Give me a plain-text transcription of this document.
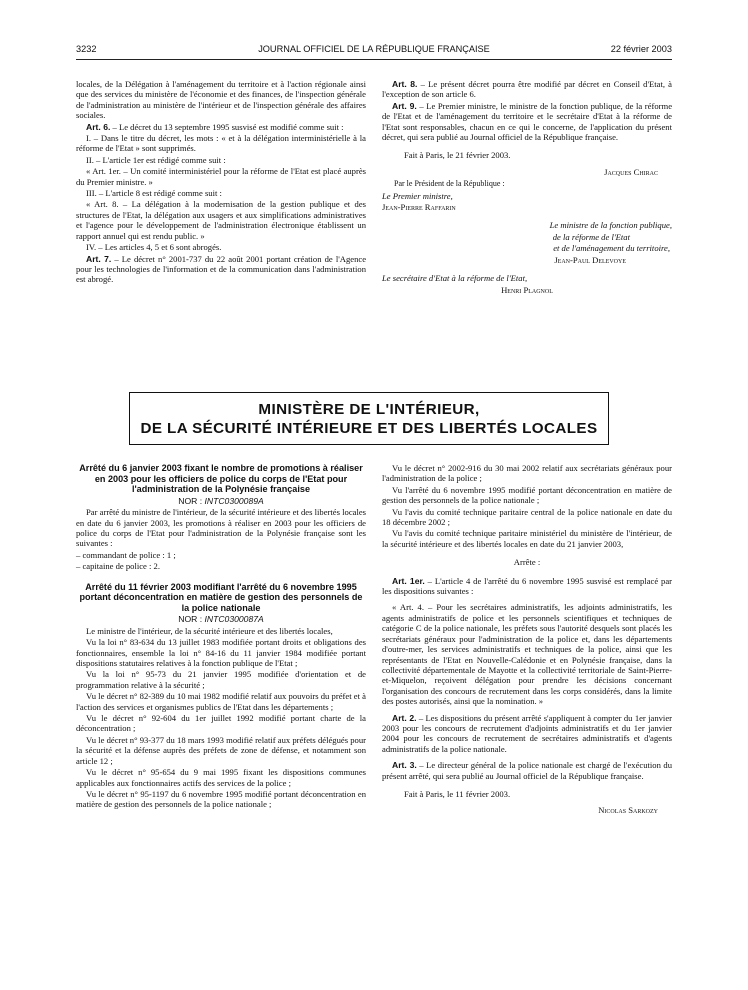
3232	JOURNAL OFFICIEL DE LA RÉPUBLIQUE FRANÇAISE	22 février 2003

locales, de la Délégation à l'aménagement du territoire et à l'action régionale ainsi que des services du ministère de l'économie et des finances, de l'inspection générale de l'administration au ministère de l'intérieur et de l'inspection générale des affaires sociales.

Art. 6. – Le décret du 13 septembre 1995 susvisé est modifié comme suit :

I. – Dans le titre du décret, les mots : « et à la délégation interministérielle à la réforme de l'Etat » sont supprimés.

II. – L'article 1er est rédigé comme suit :

« Art. 1er. – Un comité interministériel pour la réforme de l'Etat est placé auprès du Premier ministre. »

III. – L'article 8 est rédigé comme suit :

« Art. 8. – La délégation à la modernisation de la gestion publique et des structures de l'Etat, la délégation aux usagers et aux simplifications administratives et l'agence pour le développement de l'administration électronique établissent un rapport annuel qui est rendu public. »

IV. – Les articles 4, 5 et 6 sont abrogés.

Art. 7. – Le décret n° 2001-737 du 22 août 2001 portant création de l'Agence pour les technologies de l'information et de la communication dans l'administration est abrogé.

Art. 8. – Le présent décret pourra être modifié par décret en Conseil d'Etat, à l'exception de son article 6.

Art. 9. – Le Premier ministre, le ministre de la fonction publique, de la réforme de l'Etat et de l'aménagement du territoire et le secrétaire d'Etat à la réforme de l'Etat sont responsables, chacun en ce qui le concerne, de l'application du présent décret, qui sera publié au Journal officiel de la République française.

Fait à Paris, le 21 février 2003.

Jacques Chirac

Par le Président de la République :

Le Premier ministre,

Jean-Pierre Raffarin

Le ministre de la fonction publique,

de la réforme de l'Etat

et de l'aménagement du territoire,

Jean-Paul Delevoye

Le secrétaire d'Etat à la réforme de l'Etat,

Henri Plagnol

MINISTÈRE DE L'INTÉRIEUR,
DE LA SÉCURITÉ INTÉRIEURE ET DES LIBERTÉS LOCALES
Arrêté du 6 janvier 2003 fixant le nombre de promotions à réaliser en 2003 pour les officiers de police du corps de l'Etat pour l'administration de la Polynésie française

NOR : INTC0300089A

Par arrêté du ministre de l'intérieur, de la sécurité intérieure et des libertés locales en date du 6 janvier 2003, les promotions à réaliser en 2003 pour les officiers de police du corps de l'Etat pour l'administration de la Polynésie française sont les suivantes :

– commandant de police : 1 ;

– capitaine de police : 2.

Arrêté du 11 février 2003 modifiant l'arrêté du 6 novembre 1995 portant déconcentration en matière de gestion des personnels de la police nationale

NOR : INTC0300087A

Le ministre de l'intérieur, de la sécurité intérieure et des libertés locales,

Vu la loi n° 83-634 du 13 juillet 1983 modifiée portant droits et obligations des fonctionnaires, ensemble la loi n° 84-16 du 11 janvier 1984 modifiée portant dispositions statutaires relatives à la fonction publique de l'Etat ;

Vu la loi n° 95-73 du 21 janvier 1995 modifiée d'orientation et de programmation relative à la sécurité ;

Vu le décret n° 82-389 du 10 mai 1982 modifié relatif aux pouvoirs du préfet et à l'action des services et organismes publics de l'Etat dans les départements ;

Vu le décret n° 92-604 du 1er juillet 1992 modifié portant charte de la déconcentration ;

Vu le décret n° 93-377 du 18 mars 1993 modifié relatif aux préfets délégués pour la sécurité et la défense auprès des préfets de zone de défense, et notamment son article 12 ;

Vu le décret n° 95-654 du 9 mai 1995 fixant les dispositions communes applicables aux fonctionnaires actifs des services de la police ;

Vu le décret n° 95-1197 du 6 novembre 1995 modifié portant déconcentration en matière de gestion des personnels de la police nationale ;

Vu le décret n° 2002-916 du 30 mai 2002 relatif aux secrétariats généraux pour l'administration de la police ;

Vu l'arrêté du 6 novembre 1995 modifié portant déconcentration en matière de gestion des personnels de la police nationale ;

Vu l'avis du comité technique paritaire central de la police nationale en date du 18 décembre 2002 ;

Vu l'avis du comité technique paritaire ministériel du ministère de l'intérieur, de la sécurité intérieure et des libertés locales en date du 21 janvier 2003,

Arrête :

Art. 1er. – L'article 4 de l'arrêté du 6 novembre 1995 susvisé est remplacé par les dispositions suivantes :

« Art. 4. – Pour les secrétaires administratifs, les adjoints administratifs, les agents administratifs de police et les personnels scientifiques et techniques de catégorie C de la police nationale, les préfets sous l'autorité desquels sont placés les secrétariats généraux pour l'administration de la police et, dans les départements d'outre-mer, les services administratifs et techniques de la police, ainsi que les représentants de l'Etat en Nouvelle-Calédonie et en Polynésie française, dans la collectivité départementale de Mayotte et la collectivité territoriale de Saint-Pierre-et-Miquelon, reçoivent délégation pour prendre les décisions concernant l'organisation des concours de recrutement dans les corps considérés, dans la limite des postes autorisés, ainsi que la nomination. »

Art. 2. – Les dispositions du présent arrêté s'appliquent à compter du 1er janvier 2003 pour les concours de recrutement d'adjoints administratifs et du 1er janvier 2004 pour les concours de recrutement de secrétaires administratifs et d'agents administratifs de la police nationale.

Art. 3. – Le directeur général de la police nationale est chargé de l'exécution du présent arrêté, qui sera publié au Journal officiel de la République française.

Fait à Paris, le 11 février 2003.

Nicolas Sarkozy
